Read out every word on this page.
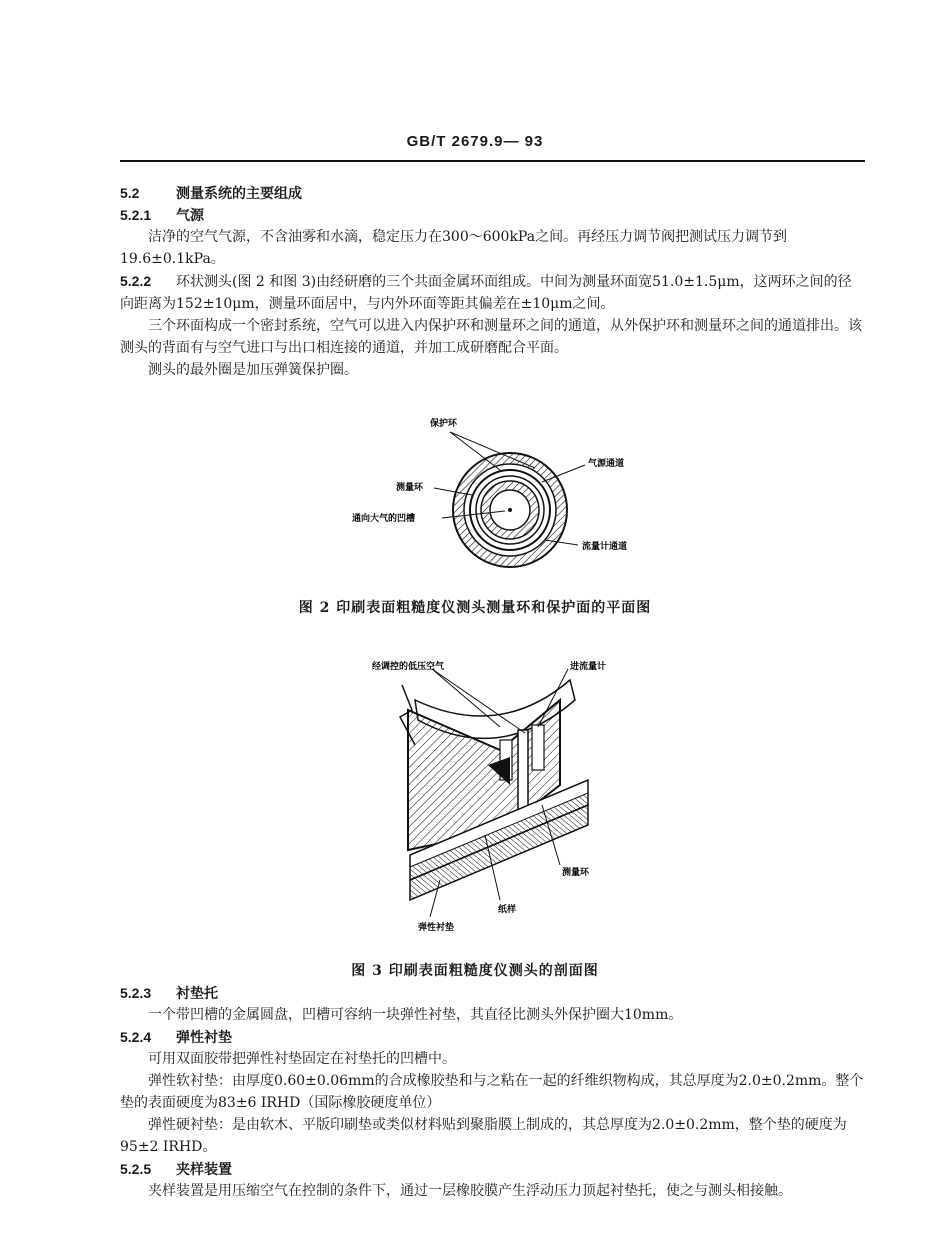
GB/T 2679.9— 93
5.2	测量系统的主要组成
5.2.1 气源

洁净的空气气源，不含油雾和水滴，稳定压力在300～600kPa之间。再经压力调节阀把测试压力调节到19.6±0.1kPa。

5.2.2 环状测头(图 2 和图 3)由经研磨的三个共面金属环面组成。中间为测量环面宽51.0±1.5μm，这两环之间的径向距离为152±10μm，测量环面居中，与内外环面等距其偏差在±10μm之间。

三个环面构成一个密封系统，空气可以进入内保护环和测量环之间的通道，从外保护环和测量环之间的通道排出。该测头的背面有与空气进口与出口相连接的通道，并加工成研磨配合平面。

测头的最外圈是加压弹簧保护圈。

保护环
气源通道
测量环
通向大气的凹槽
流量计通道
图 2 印刷表面粗糙度仪测头测量环和保护面的平面图
经调控的低压空气	进流量计
测量环
纸样
弹性衬垫
图 3 印刷表面粗糙度仪测头的剖面图
5.2.3 衬垫托

一个带凹槽的金属圆盘，凹槽可容纳一块弹性衬垫，其直径比测头外保护圈大10mm。

5.2.4 弹性衬垫

可用双面胶带把弹性衬垫固定在衬垫托的凹槽中。

弹性软衬垫：由厚度0.60±0.06mm的合成橡胶垫和与之粘在一起的纤维织物构成，其总厚度为2.0±0.2mm。整个垫的表面硬度为83±6 IRHD（国际橡胶硬度单位）

弹性硬衬垫：是由软木、平版印刷垫或类似材料贴到聚脂膜上制成的，其总厚度为2.0±0.2mm，整个垫的硬度为95±2 IRHD。

5.2.5 夹样装置

夹样装置是用压缩空气在控制的条件下，通过一层橡胶膜产生浮动压力顶起衬垫托，使之与测头相接触。
